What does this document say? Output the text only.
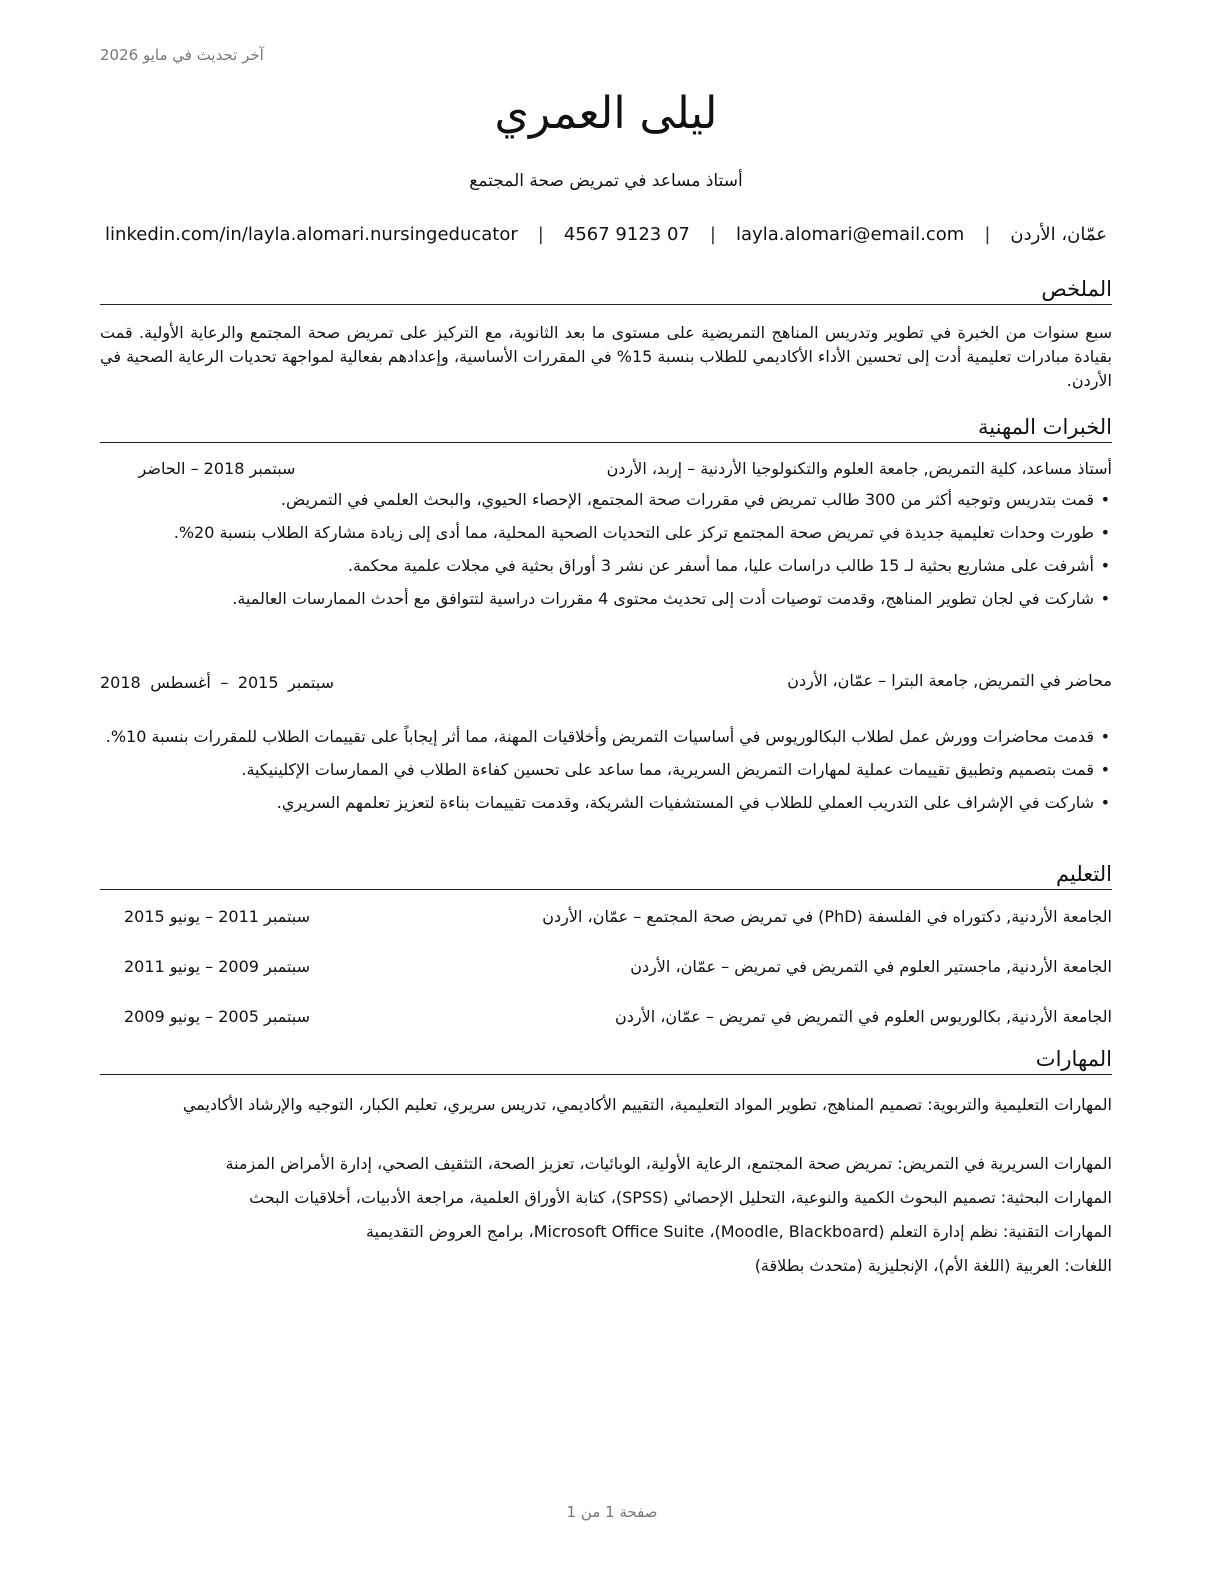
آخر تحديث في مايو 2026
ليلى العمري
أستاذ مساعد في تمريض صحة المجتمع
عمّان، الأردن
|
layla.alomari@email.com
|
4567 9123 07
|
linkedin.com/in/layla.alomari.nursingeducator
الملخص
سبع سنوات من الخبرة في تطوير وتدريس المناهج التمريضية على مستوى ما بعد الثانوية، مع التركيز على تمريض صحة المجتمع والرعاية الأولية. قمت بقيادة مبادرات تعليمية أدت إلى تحسين الأداء الأكاديمي للطلاب بنسبة 15% في المقررات الأساسية، وإعدادهم بفعالية لمواجهة تحديات الرعاية الصحية في الأردن.
الخبرات المهنية
أستاذ مساعد، كلية التمريض, جامعة العلوم والتكنولوجيا الأردنية – إربد، الأردن
سبتمبر 2018 – الحاضر
• قمت بتدريس وتوجيه أكثر من 300 طالب تمريض في مقررات صحة المجتمع، الإحصاء الحيوي، والبحث العلمي في التمريض.
• طورت وحدات تعليمية جديدة في تمريض صحة المجتمع تركز على التحديات الصحية المحلية، مما أدى إلى زيادة مشاركة الطلاب بنسبة 20%.
• أشرفت على مشاريع بحثية لـ 15 طالب دراسات عليا، مما أسفر عن نشر 3 أوراق بحثية في مجلات علمية محكمة.
• شاركت في لجان تطوير المناهج، وقدمت توصيات أدت إلى تحديث محتوى 4 مقررات دراسية لتتوافق مع أحدث الممارسات العالمية.
محاضر في التمريض, جامعة البترا – عمّان، الأردن
سبتمبر 2015 – أغسطس 2018
• قدمت محاضرات وورش عمل لطلاب البكالوريوس في أساسيات التمريض وأخلاقيات المهنة، مما أثر إيجاباً على تقييمات الطلاب للمقررات بنسبة 10%.
• قمت بتصميم وتطبيق تقييمات عملية لمهارات التمريض السريرية، مما ساعد على تحسين كفاءة الطلاب في الممارسات الإكلينيكية.
• شاركت في الإشراف على التدريب العملي للطلاب في المستشفيات الشريكة، وقدمت تقييمات بناءة لتعزيز تعلمهم السريري.
التعليم
الجامعة الأردنية, دكتوراه في الفلسفة (PhD) في تمريض صحة المجتمع – عمّان، الأردن
سبتمبر 2011 – يونيو 2015
الجامعة الأردنية, ماجستير العلوم في التمريض في تمريض – عمّان، الأردن
سبتمبر 2009 – يونيو 2011
الجامعة الأردنية, بكالوريوس العلوم في التمريض في تمريض – عمّان، الأردن
سبتمبر 2005 – يونيو 2009
المهارات
المهارات التعليمية والتربوية: تصميم المناهج، تطوير المواد التعليمية، التقييم الأكاديمي، تدريس سريري، تعليم الكبار، التوجيه والإرشاد الأكاديمي
المهارات السريرية في التمريض: تمريض صحة المجتمع، الرعاية الأولية، الوبائيات، تعزيز الصحة، التثقيف الصحي، إدارة الأمراض المزمنة
المهارات البحثية: تصميم البحوث الكمية والنوعية، التحليل الإحصائي (SPSS)، كتابة الأوراق العلمية، مراجعة الأدبيات، أخلاقيات البحث
المهارات التقنية: نظم إدارة التعلم (Moodle, Blackboard)، Microsoft Office Suite، برامج العروض التقديمية
اللغات: العربية (اللغة الأم)، الإنجليزية (متحدث بطلاقة)
صفحة 1 من 1
